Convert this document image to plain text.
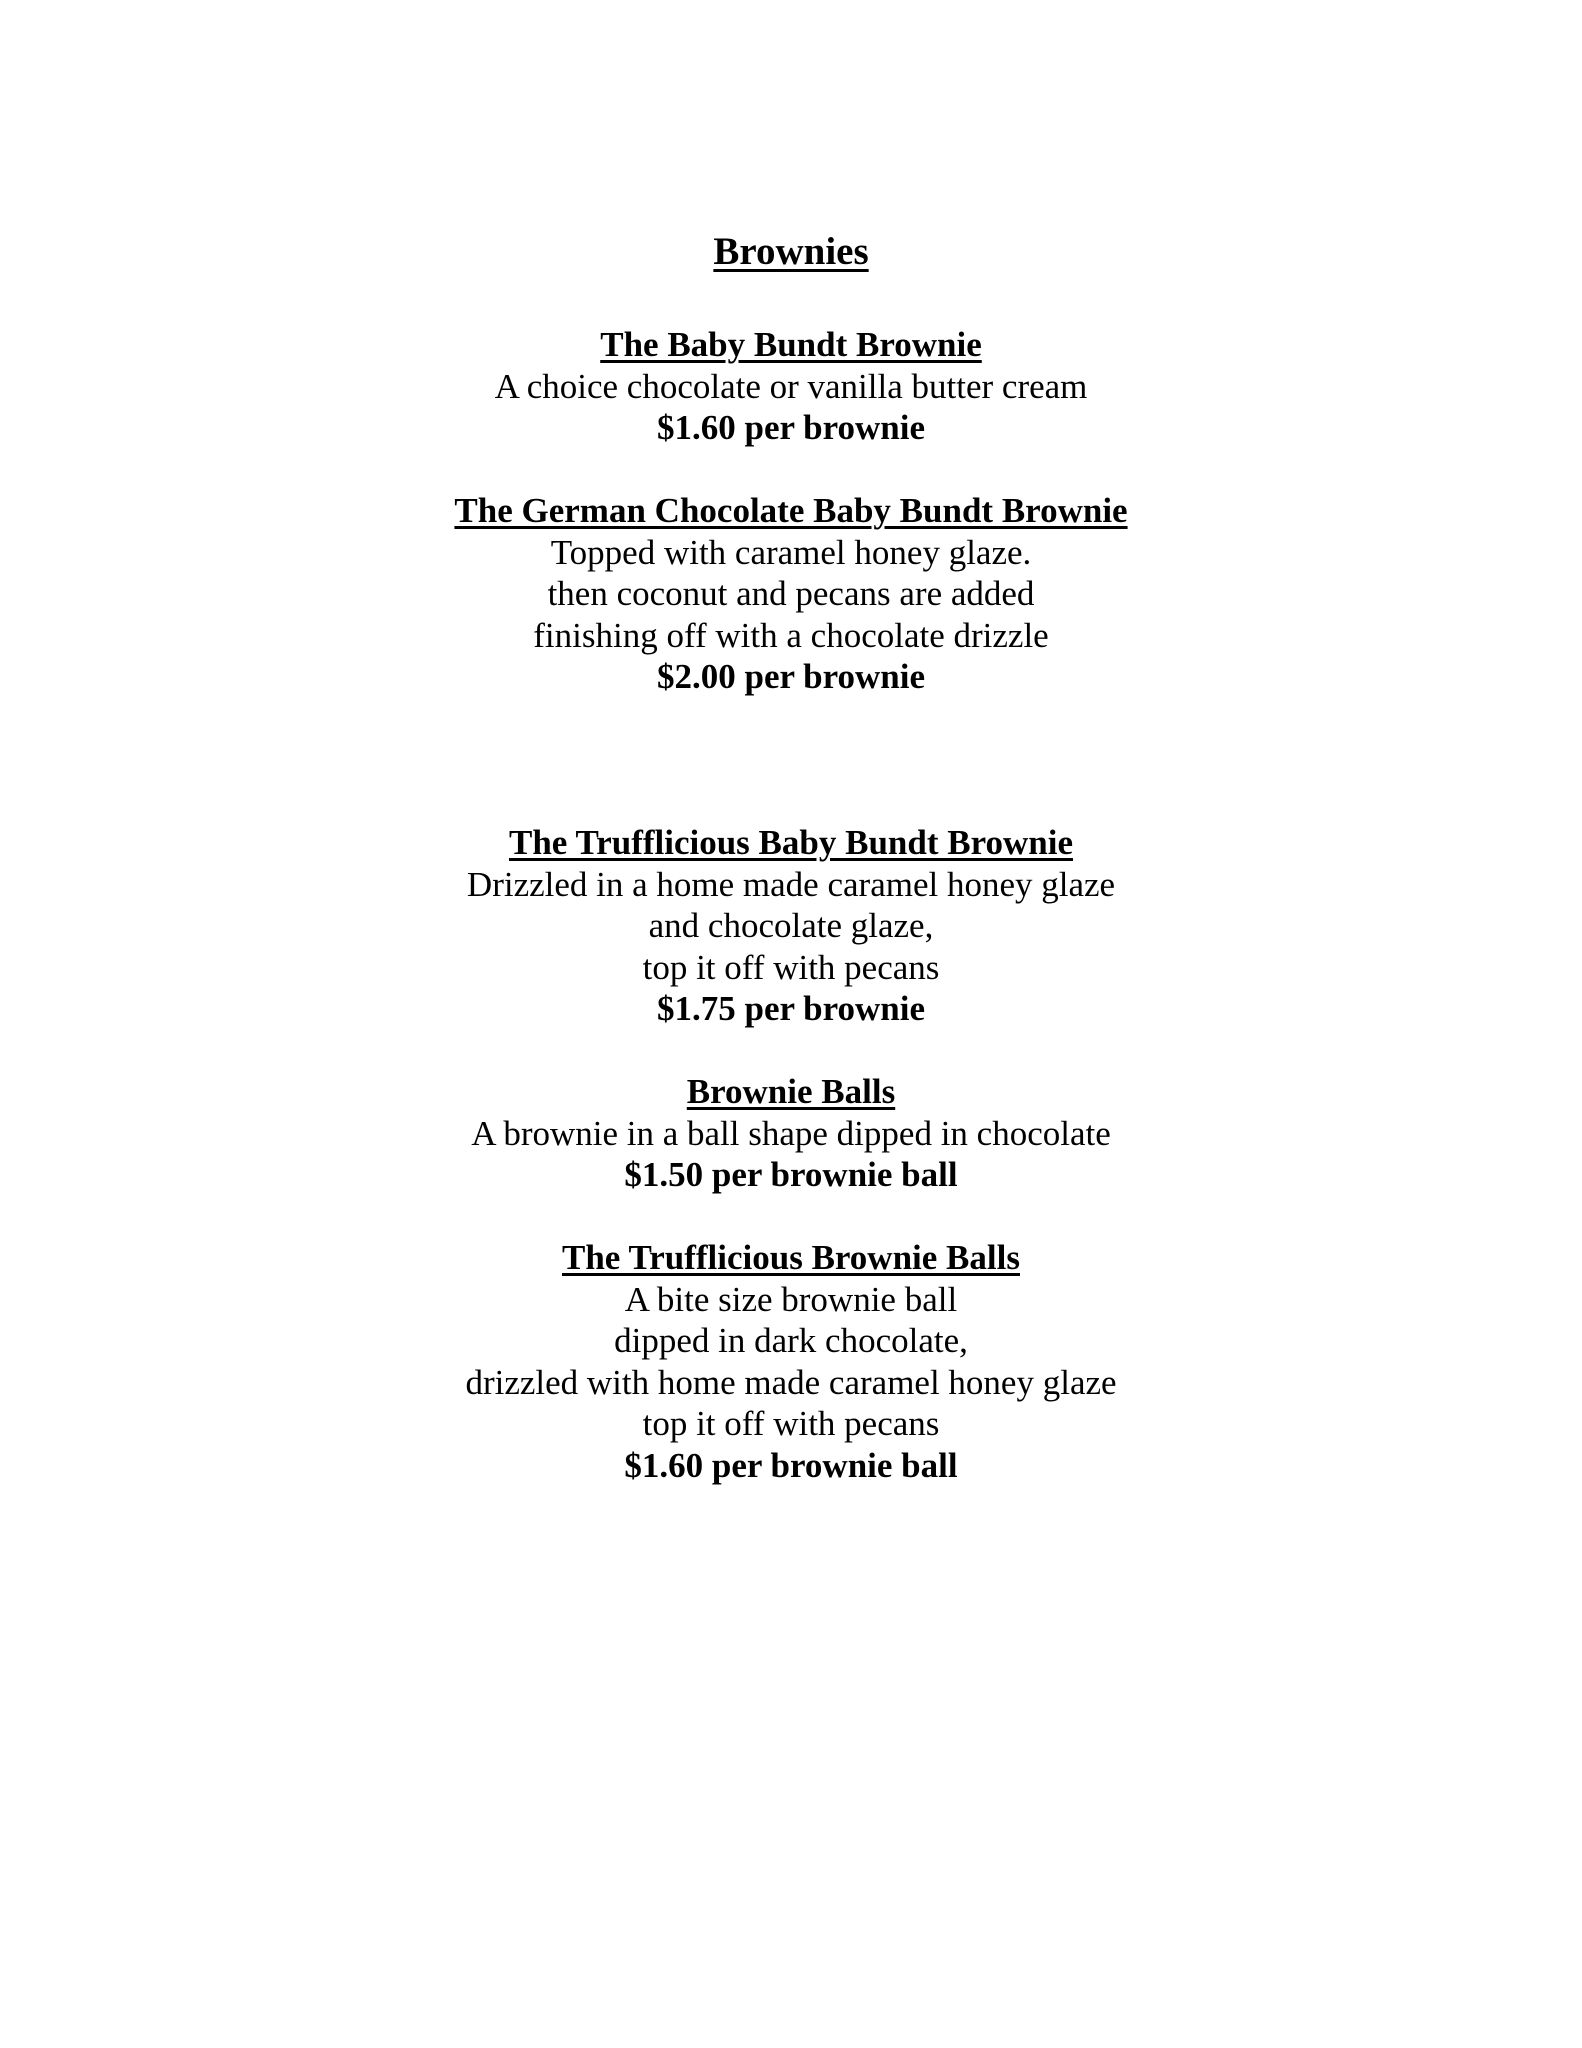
Brownies
The Baby Bundt Brownie
A choice chocolate or vanilla butter cream
$1.60 per brownie
The German Chocolate Baby Bundt Brownie
Topped with caramel honey glaze.
then coconut and pecans are added
finishing off with a chocolate drizzle
$2.00 per brownie
The Trufflicious Baby Bundt Brownie
Drizzled in a home made caramel honey glaze
and chocolate glaze,
top it off with pecans
$1.75 per brownie
Brownie Balls
A brownie in a ball shape dipped in chocolate
$1.50 per brownie ball
The Trufflicious Brownie Balls
A bite size brownie ball
dipped in dark chocolate,
drizzled with home made caramel honey glaze
top it off with pecans
$1.60 per brownie ball
